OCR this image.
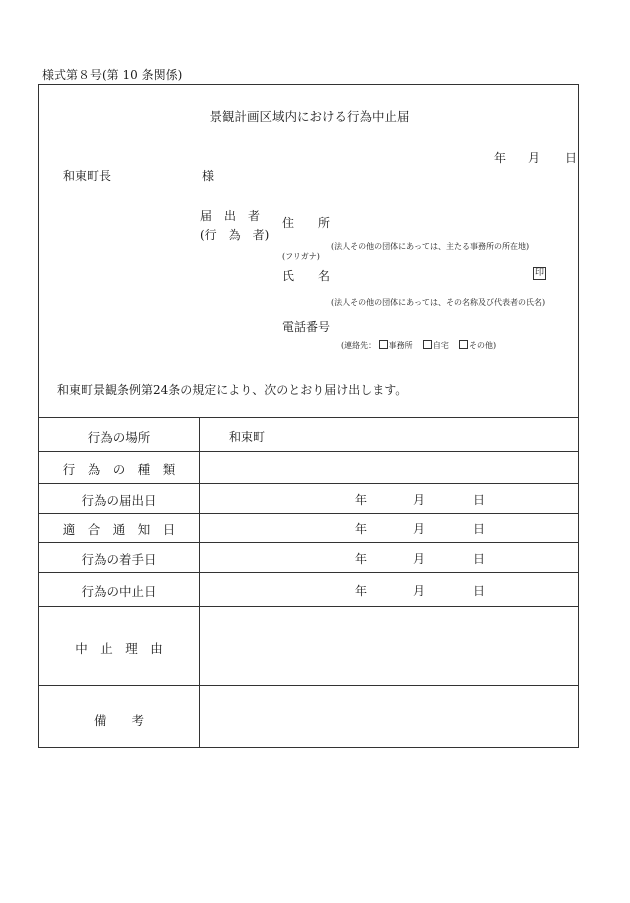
様式第８号(第 10 条関係)
景観計画区域内における行為中止届
年 月 日
和東町長	様
届　出　者
(行　為　者)
住　　所
(法人その他の団体にあっては、主たる事務所の所在地)
(フリガナ)
氏　　名	印
(法人その他の団体にあっては、その名称及び代表者の氏名)
電話番号
(連絡先： 事務所	自宅	その他)
和東町景観条例第24条の規定により、次のとおり届け出します。
行為の場所	和束町
行　為　の　種　類
行為の届出日	年	月	日
適　合　通　知　日	年	月	日
行為の着手日	年	月	日
行為の中止日	年	月	日
中　止　理　由
備　　考
